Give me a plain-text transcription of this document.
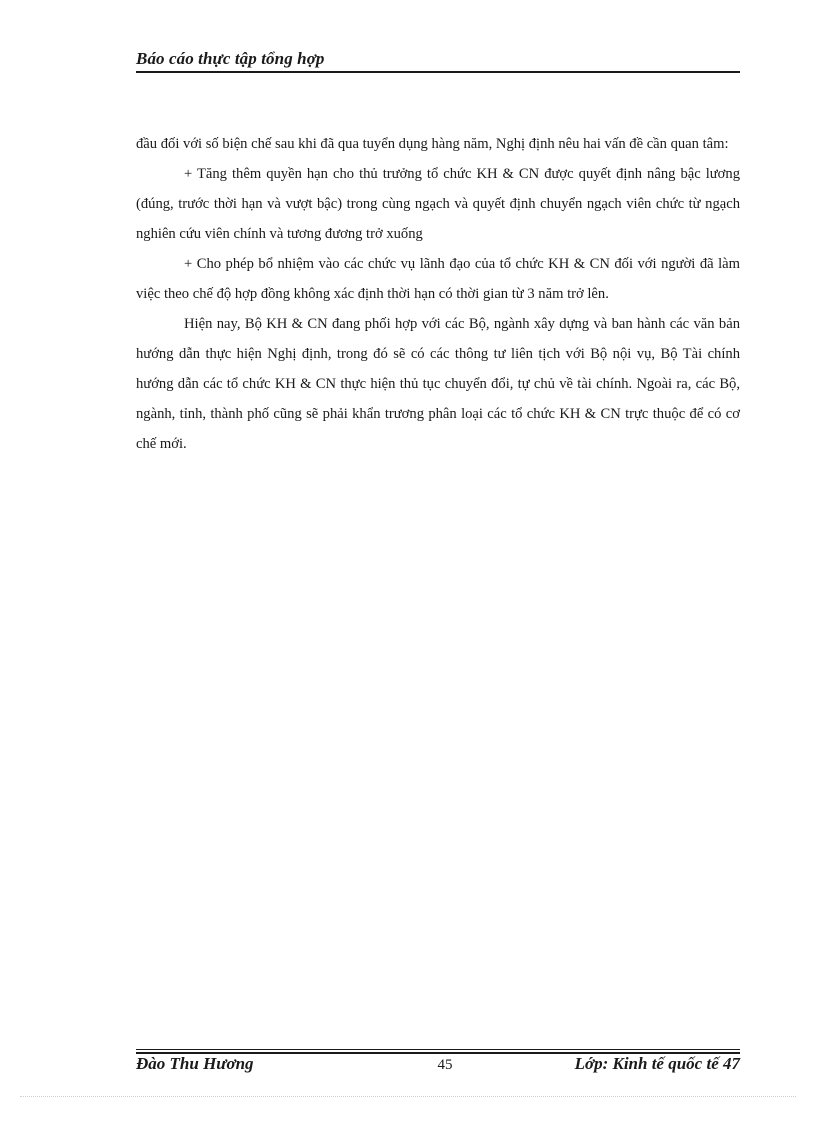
Báo cáo thực tập tổng hợp

đầu đối với số biện chế sau khi đã qua tuyển dụng hàng năm, Nghị định nêu hai vấn đề cần quan tâm:

+ Tăng thêm quyền hạn cho thủ trưởng tổ chức KH & CN được quyết định nâng bậc lương (đúng, trước thời hạn và vượt bậc) trong cùng ngạch và quyết định chuyển ngạch viên chức từ ngạch nghiên cứu viên chính và tương đương trở xuống

+ Cho phép bổ nhiệm vào các chức vụ lãnh đạo của tổ chức KH & CN đối với người đã làm việc theo chế độ hợp đồng không xác định thời hạn có thời gian từ 3 năm trở lên.

Hiện nay, Bộ KH & CN đang phối hợp với các Bộ, ngành xây dựng và ban hành các văn bản hướng dẫn thực hiện Nghị định, trong đó sẽ có các thông tư liên tịch với Bộ nội vụ, Bộ Tài chính hướng dẫn các tổ chức KH & CN thực hiện thủ tục chuyển đổi, tự chủ về tài chính. Ngoài ra, các Bộ, ngành, tỉnh, thành phố cũng sẽ phải khẩn trương phân loại các tổ chức KH & CN trực thuộc để có cơ chế mới.

Đào Thu Hương	45	Lớp: Kinh tế quốc tế 47
